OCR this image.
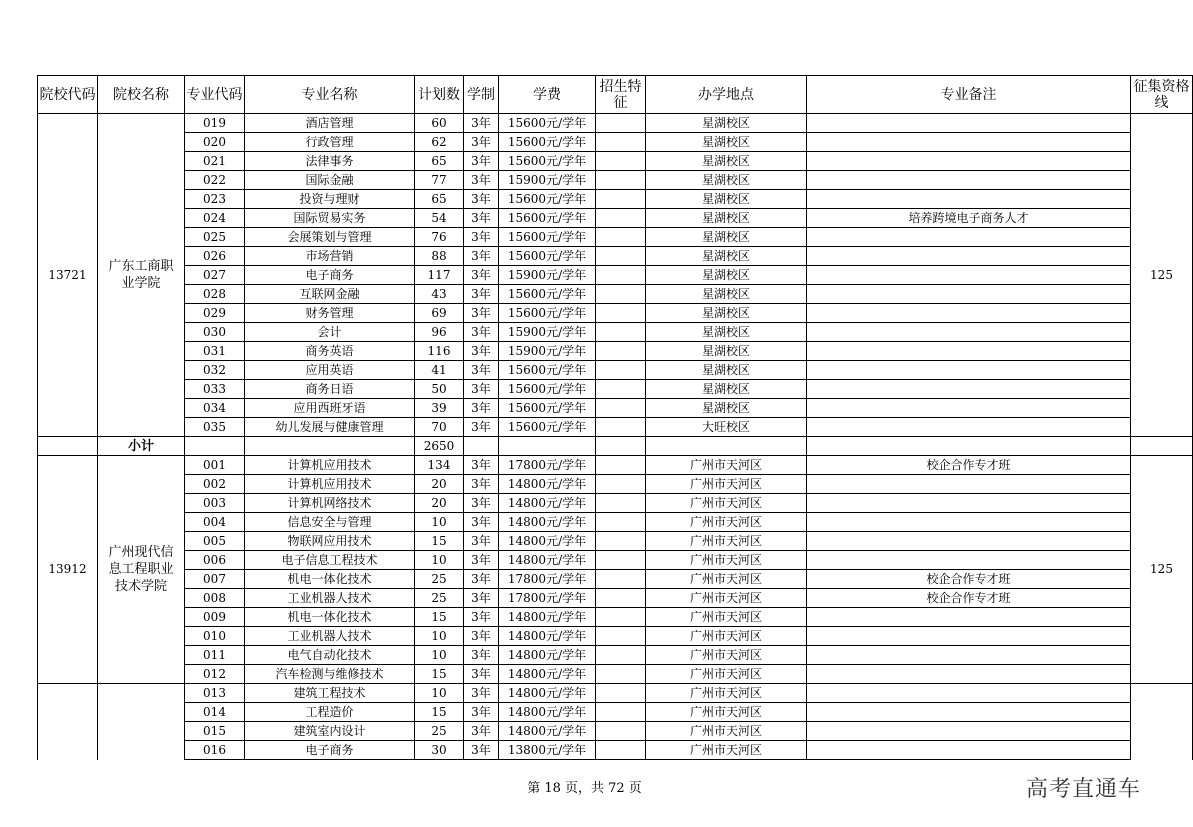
院校代码	院校名称	专业代码	专业名称	计划数	学制	学费	招生特征	办学地点	专业备注	征集资格线
13721	广东工商职业学院	019	酒店管理	60	3年	15600元/学年		星湖校区		125
		020	行政管理	62	3年	15600元/学年		星湖校区		
		021	法律事务	65	3年	15600元/学年		星湖校区		
		022	国际金融	77	3年	15900元/学年		星湖校区		
		023	投资与理财	65	3年	15600元/学年		星湖校区		
		024	国际贸易实务	54	3年	15600元/学年		星湖校区	培养跨境电子商务人才	
		025	会展策划与管理	76	3年	15600元/学年		星湖校区		
		026	市场营销	88	3年	15600元/学年		星湖校区		
		027	电子商务	117	3年	15900元/学年		星湖校区		
		028	互联网金融	43	3年	15600元/学年		星湖校区		
		029	财务管理	69	3年	15600元/学年		星湖校区		
		030	会计	96	3年	15900元/学年		星湖校区		
		031	商务英语	116	3年	15900元/学年		星湖校区		
		032	应用英语	41	3年	15600元/学年		星湖校区		
		033	商务日语	50	3年	15600元/学年		星湖校区		
		034	应用西班牙语	39	3年	15600元/学年		星湖校区		
		035	幼儿发展与健康管理	70	3年	15600元/学年		大旺校区		
	小计			2650						
13912	广州现代信息工程职业技术学院	001	计算机应用技术	134	3年	17800元/学年		广州市天河区	校企合作专才班	125
		002	计算机应用技术	20	3年	14800元/学年		广州市天河区		
		003	计算机网络技术	20	3年	14800元/学年		广州市天河区		
		004	信息安全与管理	10	3年	14800元/学年		广州市天河区		
		005	物联网应用技术	15	3年	14800元/学年		广州市天河区		
		006	电子信息工程技术	10	3年	14800元/学年		广州市天河区		
		007	机电一体化技术	25	3年	17800元/学年		广州市天河区	校企合作专才班	
		008	工业机器人技术	25	3年	17800元/学年		广州市天河区	校企合作专才班	
		009	机电一体化技术	15	3年	14800元/学年		广州市天河区		
		010	工业机器人技术	10	3年	14800元/学年		广州市天河区		
		011	电气自动化技术	10	3年	14800元/学年		广州市天河区		
		012	汽车检测与维修技术	15	3年	14800元/学年		广州市天河区		
		013	建筑工程技术	10	3年	14800元/学年		广州市天河区		
		014	工程造价	15	3年	14800元/学年		广州市天河区		
		015	建筑室内设计	25	3年	14800元/学年		广州市天河区		
		016	电子商务	30	3年	13800元/学年		广州市天河区		
第 18 页，共 72 页	高考直通车
